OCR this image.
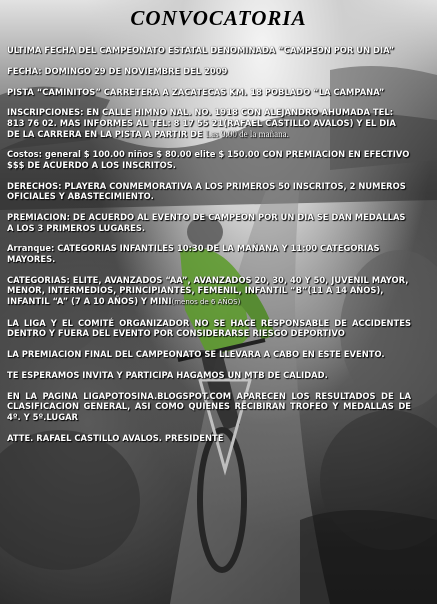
CONVOCATORIA

ULTIMA FECHA DEL CAMPEONATO ESTATAL DENOMINADA “CAMPEON POR UN DIA”

FECHA: DOMINGO 29 DE NOVIEMBRE DEL 2009

PISTA “CAMINITOS” CARRETERA A ZACATECAS KM. 18 POBLADO “LA CAMPANA”

INSCRIPCIONES: EN CALLE HIMNO NAL. NO. 1918 CON ALEJANDRO AHUMADA TEL: 813 76 02. MAS INFORMES AL TEL: 8 17 55 21(RAFAEL CASTILLO AVALOS) Y EL DIA DE LA CARRERA EN LA PISTA A PARTIR DE Las 9:00 de la mañana.

Costos: general $ 100.00 niños $ 80.00 elite $ 150.00 CON PREMIACION EN EFECTIVO $$$ DE ACUERDO A LOS INSCRITOS.

DERECHOS: PLAYERA CONMEMORATIVA A LOS PRIMEROS 50 INSCRITOS, 2 NUMEROS OFICIALES Y ABASTECIMIENTO.

PREMIACION: DE ACUERDO AL EVENTO DE CAMPEON POR UN DIA SE DAN MEDALLAS A LOS 3 PRIMEROS LUGARES.

Arranque: CATEGORIAS INFANTILES 10:30 DE LA MAÑANA Y 11:00 CATEGORIAS MAYORES.

CATEGORIAS: ELITE, AVANZADOS “AA”, AVANZADOS 20, 30, 40 Y 50, JUVENIL MAYOR, MENOR, INTERMEDIOS, PRINCIPIANTES, FEMENIL, INFANTIL “B”(11 A 14 AÑOS), INFANTIL “A” (7 A 10 AÑOS) Y MINI(menos de 6 AÑOS)

LA LIGA Y EL COMITÉ ORGANIZADOR NO SE HACE RESPONSABLE DE ACCIDENTES DENTRO Y FUERA DEL EVENTO POR CONSIDERARSE RIESGO DEPORTIVO

LA PREMIACION FINAL DEL CAMPEONATO SE LLEVARA A CABO EN ESTE EVENTO.

TE ESPERAMOS INVITA Y PARTICIPA HAGAMOS UN MTB DE CALIDAD.

EN LA PAGINA LIGAPOTOSINA.BLOGSPOT.COM APARECEN LOS RESULTADOS DE LA CLASIFICACION GENERAL, ASI COMO QUIENES RECIBIRAN TROFEO Y MEDALLAS DE 4º. Y 5º.LUGAR

ATTE. RAFAEL CASTILLO AVALOS. PRESIDENTE
